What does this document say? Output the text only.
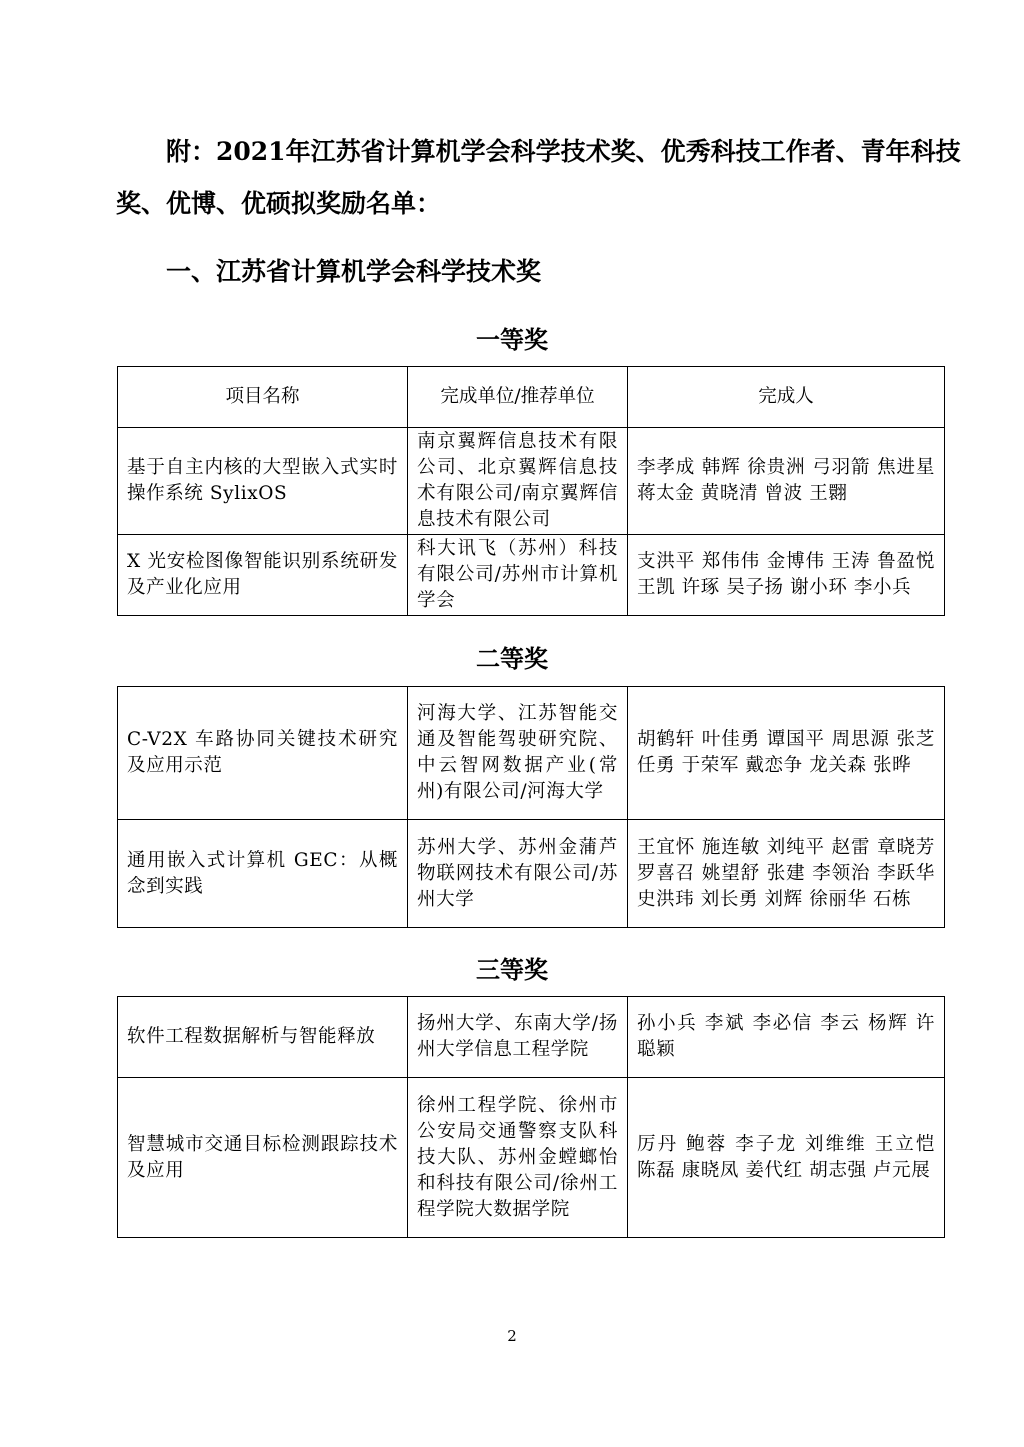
附：2021年江苏省计算机学会科学技术奖、优秀科技工作者、青年科技
奖、优博、优硕拟奖励名单：
一、江苏省计算机学会科学技术奖
一等奖
项目名称	完成单位/推荐单位	完成人
基于自主内核的大型嵌入式实时操作系统 SylixOS	南京翼辉信息技术有限公司、北京翼辉信息技术有限公司/南京翼辉信息技术有限公司	李孝成 韩辉 徐贵洲 弓羽箭 焦进星 蒋太金 黄晓清 曾波 王翾
X 光安检图像智能识别系统研发及产业化应用	科大讯飞（苏州）科技有限公司/苏州市计算机学会	支洪平 郑伟伟 金博伟 王涛 鲁盈悦 王凯 许琢 吴子扬 谢小环 李小兵
二等奖
C-V2X 车路协同关键技术研究及应用示范	河海大学、江苏智能交通及智能驾驶研究院、中云智网数据产业(常州)有限公司/河海大学	胡鹤轩 叶佳勇 谭国平 周思源 张芝 任勇 于荣军 戴恋争 龙关森 张晔
通用嵌入式计算机 GEC：从概念到实践	苏州大学、苏州金蒲芦物联网技术有限公司/苏州大学	王宜怀 施连敏 刘纯平 赵雷 章晓芳 罗喜召 姚望舒 张建 李领治 李跃华 史洪玮 刘长勇 刘辉 徐丽华 石栋
三等奖
软件工程数据解析与智能释放	扬州大学、东南大学/扬州大学信息工程学院	孙小兵 李斌 李必信 李云 杨辉 许聪颖
智慧城市交通目标检测跟踪技术及应用	徐州工程学院、徐州市公安局交通警察支队科技大队、苏州金螳螂怡和科技有限公司/徐州工程学院大数据学院	厉丹 鲍蓉 李子龙 刘维维 王立恺 陈磊 康晓凤 姜代红 胡志强 卢元展
2
